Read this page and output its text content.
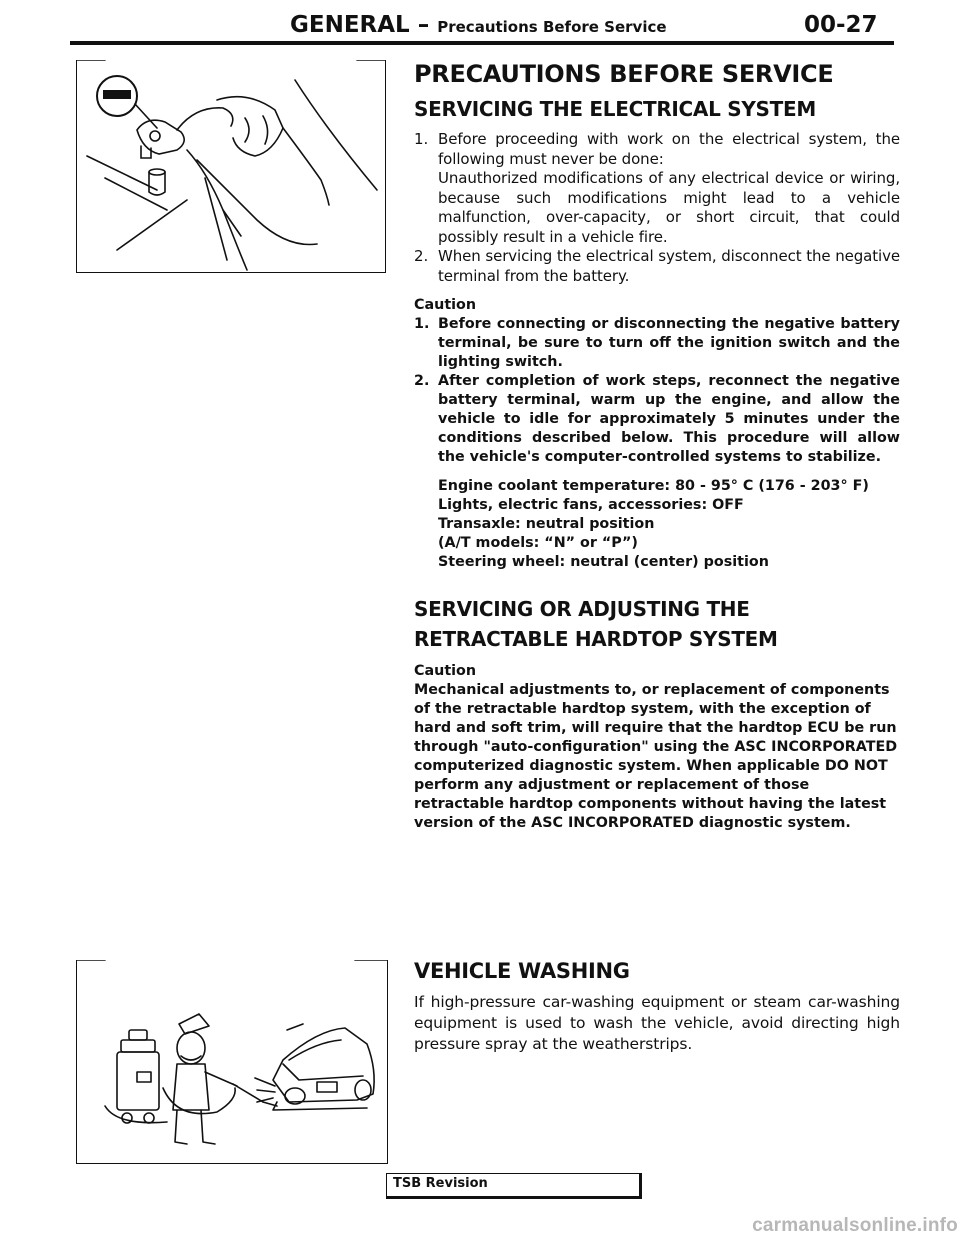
GENERAL – Precautions Before Service	00-27
PRECAUTIONS BEFORE SERVICE
SERVICING THE ELECTRICAL SYSTEM
1. Before proceeding with work on the electrical system, the following must never be done:
Unauthorized modifications of any electrical device or wiring, because such modifications might lead to a vehicle malfunction, over-capacity, or short circuit, that could possibly result in a vehicle fire.
2. When servicing the electrical system, disconnect the negative terminal from the battery.
Caution
1. Before connecting or disconnecting the negative battery terminal, be sure to turn off the ignition switch and the lighting switch.
2. After completion of work steps, reconnect the negative battery terminal, warm up the engine, and allow the vehicle to idle for approximately 5 minutes under the conditions described below. This procedure will allow the vehicle's computer-controlled systems to stabilize.
Engine coolant temperature: 80 - 95° C (176 - 203° F)
Lights, electric fans, accessories: OFF
Transaxle: neutral position
(A/T models: “N” or “P”)
Steering wheel: neutral (center) position
SERVICING OR ADJUSTING THE
RETRACTABLE HARDTOP SYSTEM
Caution
Mechanical adjustments to, or replacement of components of the retractable hardtop system, with the exception of hard and soft trim, will require that the hardtop ECU be run through "auto-configuration" using the ASC INCORPORATED computerized diagnostic system. When applicable DO NOT perform any adjustment or replacement of those retractable hardtop components without having the latest version of the ASC INCORPORATED diagnostic system.
VEHICLE WASHING

If high-pressure car-washing equipment or steam car-washing equipment is used to wash the vehicle, avoid directing high pressure spray at the weatherstrips.

TSB Revision
carmanualsonline.info
